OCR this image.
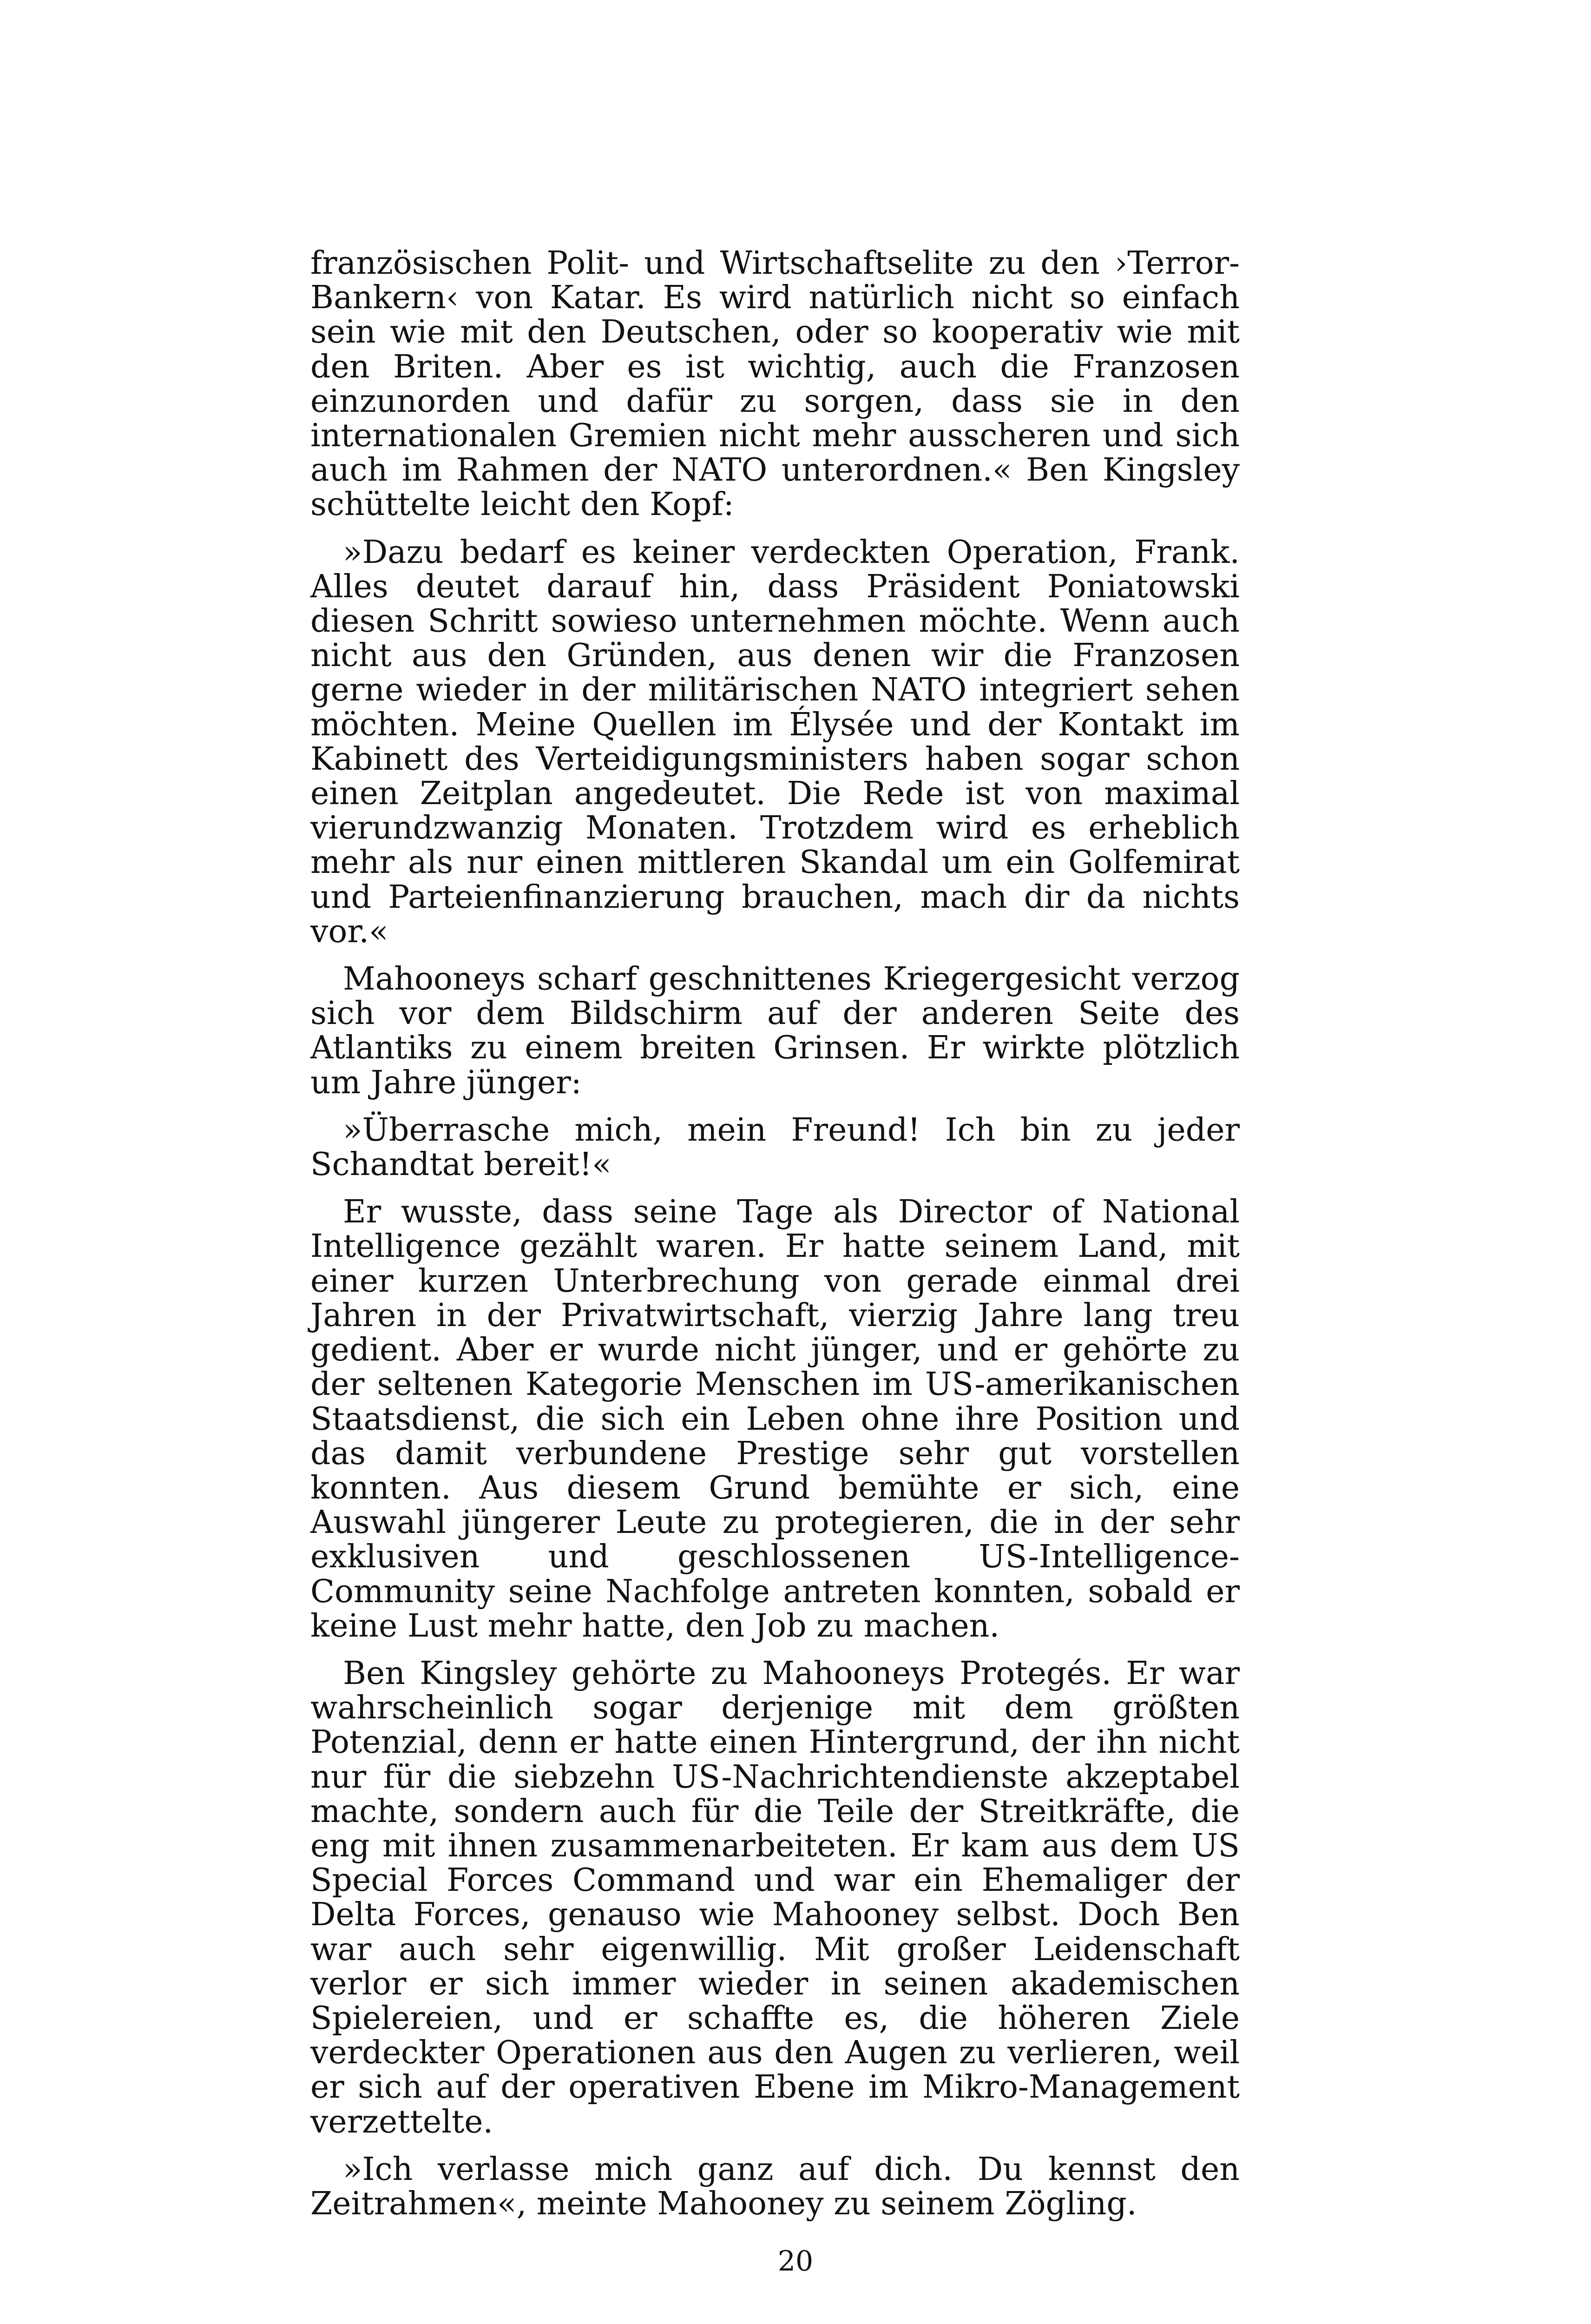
französischen Polit- und Wirtschaftselite zu den ›Terror-Bankern‹ von Katar. Es wird natürlich nicht so einfach sein wie mit den Deutschen, oder so kooperativ wie mit den Briten. Aber es ist wichtig, auch die Franzosen einzunorden und dafür zu sorgen, dass sie in den internationalen Gremien nicht mehr ausscheren und sich auch im Rahmen der NATO unterordnen.« Ben Kingsley schüttelte leicht den Kopf:

»Dazu bedarf es keiner verdeckten Operation, Frank. Alles deutet darauf hin, dass Präsident Poniatowski diesen Schritt sowieso unternehmen möchte. Wenn auch nicht aus den Gründen, aus denen wir die Franzosen gerne wieder in der militärischen NATO integriert sehen möchten. Meine Quellen im Élysée und der Kontakt im Kabinett des Verteidigungsministers haben sogar schon einen Zeitplan angedeutet. Die Rede ist von maximal vierundzwanzig Monaten. Trotzdem wird es erheblich mehr als nur einen mittleren Skandal um ein Golfemirat und Parteienfinanzierung brauchen, mach dir da nichts vor.«

Mahooneys scharf geschnittenes Kriegergesicht verzog sich vor dem Bildschirm auf der anderen Seite des Atlantiks zu einem breiten Grinsen. Er wirkte plötzlich um Jahre jünger:

»Überrasche mich, mein Freund! Ich bin zu jeder Schandtat bereit!«

Er wusste, dass seine Tage als Director of National Intelligence gezählt waren. Er hatte seinem Land, mit einer kurzen Unterbrechung von gerade einmal drei Jahren in der Privatwirtschaft, vierzig Jahre lang treu gedient. Aber er wurde nicht jünger, und er gehörte zu der seltenen Kategorie Menschen im US-amerikanischen Staatsdienst, die sich ein Leben ohne ihre Position und das damit verbundene Prestige sehr gut vorstellen konnten. Aus diesem Grund bemühte er sich, eine Auswahl jüngerer Leute zu protegieren, die in der sehr exklusiven und geschlossenen US-Intelligence-Community seine Nachfolge antreten konnten, sobald er keine Lust mehr hatte, den Job zu machen.

Ben Kingsley gehörte zu Mahooneys Protegés. Er war wahrscheinlich sogar derjenige mit dem größten Potenzial, denn er hatte einen Hintergrund, der ihn nicht nur für die siebzehn US-Nachrichtendienste akzeptabel machte, sondern auch für die Teile der Streitkräfte, die eng mit ihnen zusammenarbeiteten. Er kam aus dem US Special Forces Command und war ein Ehemaliger der Delta Forces, genauso wie Mahooney selbst. Doch Ben war auch sehr eigenwillig. Mit großer Leidenschaft verlor er sich immer wieder in seinen akademischen Spielereien, und er schaffte es, die höheren Ziele verdeckter Operationen aus den Augen zu verlieren, weil er sich auf der operativen Ebene im Mikro-Management verzettelte.

»Ich verlasse mich ganz auf dich. Du kennst den Zeitrahmen«, meinte Mahooney zu seinem Zögling.

20
